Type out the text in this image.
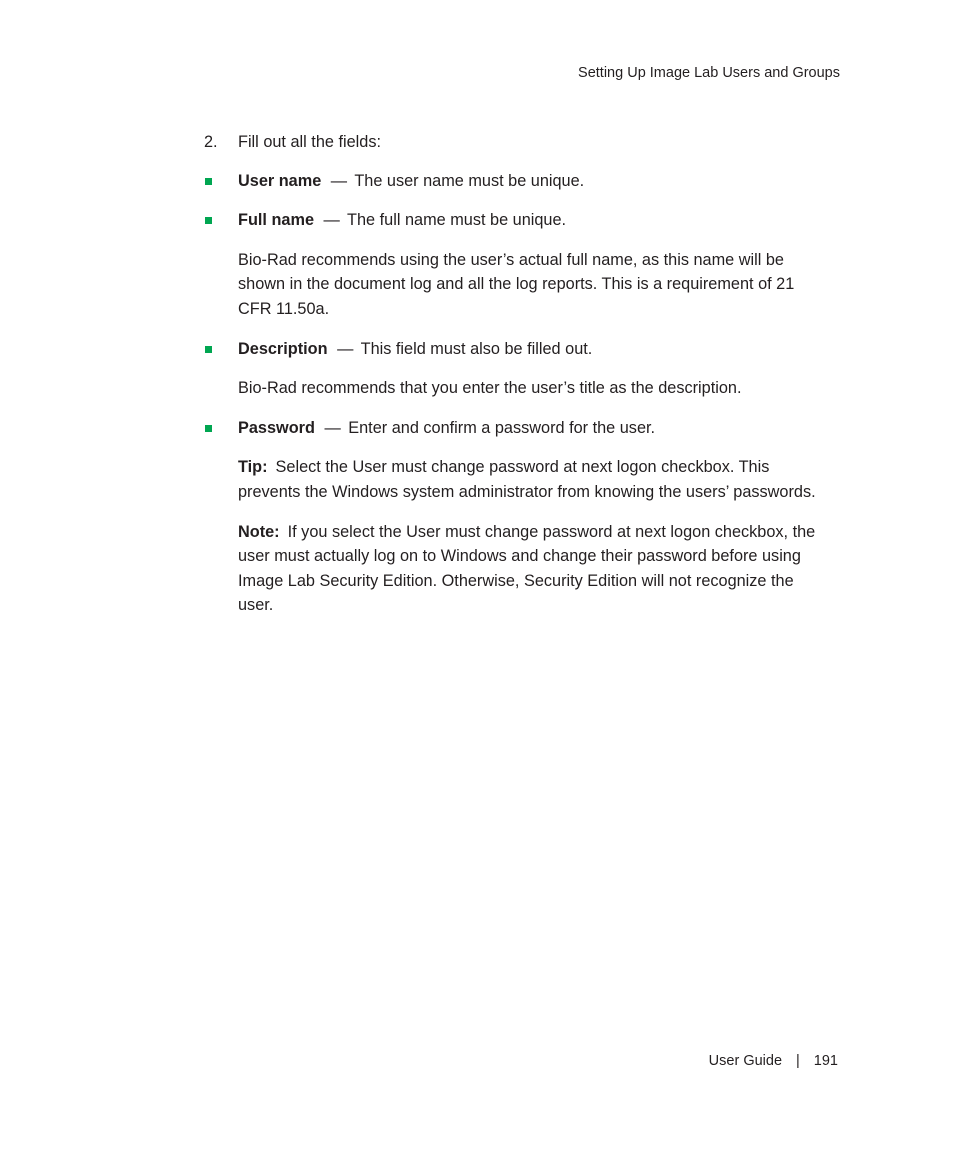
Setting Up Image Lab Users and Groups
2. Fill out all the fields:
User name — The user name must be unique.
Full name — The full name must be unique.

Bio-Rad recommends using the user’s actual full name, as this name will be shown in the document log and all the log reports. This is a requirement of 21 CFR 11.50a.

Description — This field must also be filled out.

Bio-Rad recommends that you enter the user’s title as the description.

Password — Enter and confirm a password for the user.

Tip: Select the User must change password at next logon checkbox. This prevents the Windows system administrator from knowing the users’ passwords.

Note: If you select the User must change password at next logon checkbox, the user must actually log on to Windows and change their password before using Image Lab Security Edition. Otherwise, Security Edition will not recognize the user.

User Guide | 191
